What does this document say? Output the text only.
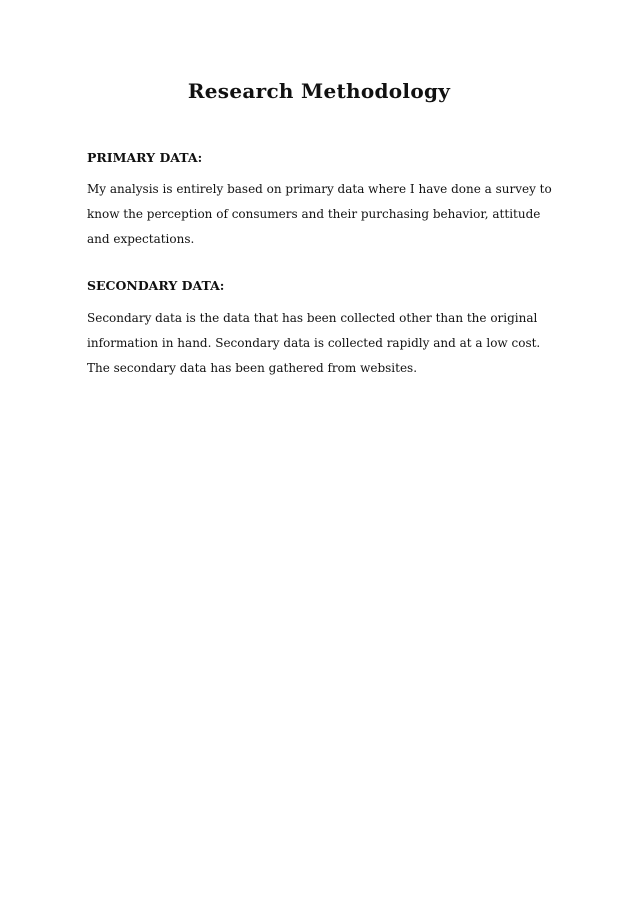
Research Methodology
PRIMARY DATA:

My analysis is entirely based on primary data where I have done a survey to know the perception of consumers and their purchasing behavior, attitude and expectations.

SECONDARY DATA:

Secondary data is the data that has been collected other than the original information in hand. Secondary data is collected rapidly and at a low cost. The secondary data has been gathered from websites.
